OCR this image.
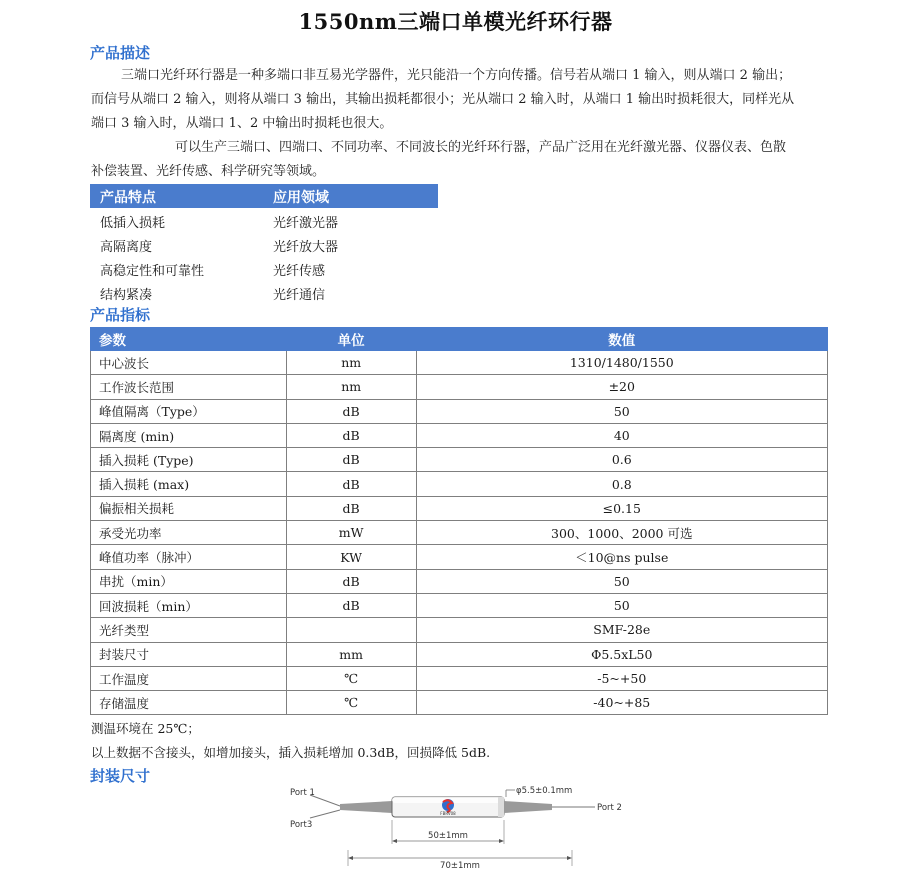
1550nm三端口单模光纤环行器
产品描述
三端口光纤环行器是一种多端口非互易光学器件，光只能沿一个方向传播。信号若从端口 1 输入，则从端口 2 输出；
而信号从端口 2 输入，则将从端口 3 输出，其输出损耗都很小；光从端口 2 输入时，从端口 1 输出时损耗很大，同样光从
端口 3 输入时，从端口 1、2 中输出时损耗也很大。
可以生产三端口、四端口、不同功率、不同波长的光纤环行器，产品广泛用在光纤激光器、仪器仪表、色散
补偿装置、光纤传感、科学研究等领域。
产品特点	应用领域
低插入损耗	光纤激光器
高隔离度	光纤放大器
高稳定性和可靠性	光纤传感
结构紧凑	光纤通信
产品指标
参数	单位	数值
中心波长	nm	1310/1480/1550
工作波长范围	nm	±20
峰值隔离（Type）	dB	50
隔离度 (min)	dB	40
插入损耗 (Type)	dB	0.6
插入损耗 (max)	dB	0.8
偏振相关损耗	dB	≤0.15
承受光功率	mW	300、1000、2000 可选
峰值功率（脉冲）	KW	＜10@ns pulse
串扰（min）	dB	50
回波损耗（min）	dB	50
光纤类型		SMF-28e
封装尺寸	mm	Φ5.5xL50
工作温度	℃	-5~+50
存储温度	℃	-40~+85
测温环境在 25℃；
以上数据不含接头，如增加接头，插入损耗增加 0.3dB，回损降低 5dB.
封装尺寸
FBRV08
Port 1
Port3
Port 2
φ5.5±0.1mm
50±1mm
70±1mm
